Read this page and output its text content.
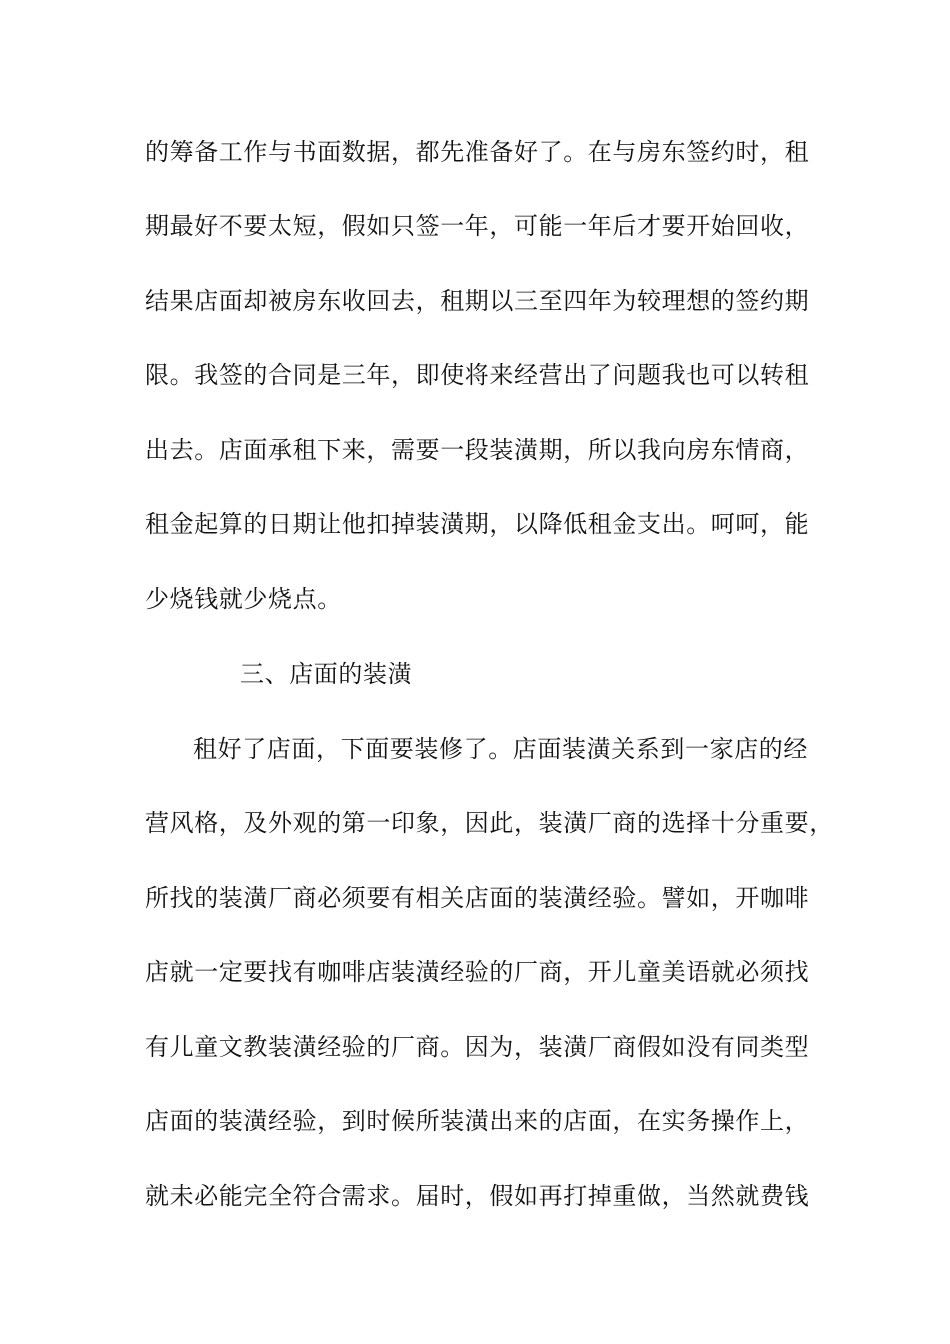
的筹备工作与书面数据，都先准备好了。在与房东签约时，租
期最好不要太短，假如只签一年，可能一年后才要开始回收，
结果店面却被房东收回去，租期以三至四年为较理想的签约期
限。我签的合同是三年，即使将来经营出了问题我也可以转租
出去。店面承租下来，需要一段装潢期，所以我向房东情商，
租金起算的日期让他扣掉装潢期，以降低租金支出。呵呵，能
少烧钱就少烧点。
三、店面的装潢
租好了店面，下面要装修了。店面装潢关系到一家店的经
营风格，及外观的第一印象，因此，装潢厂商的选择十分重要，
所找的装潢厂商必须要有相关店面的装潢经验。譬如，开咖啡
店就一定要找有咖啡店装潢经验的厂商，开儿童美语就必须找
有儿童文教装潢经验的厂商。因为，装潢厂商假如没有同类型
店面的装潢经验，到时候所装潢出来的店面，在实务操作上，
就未必能完全符合需求。届时，假如再打掉重做，当然就费钱
